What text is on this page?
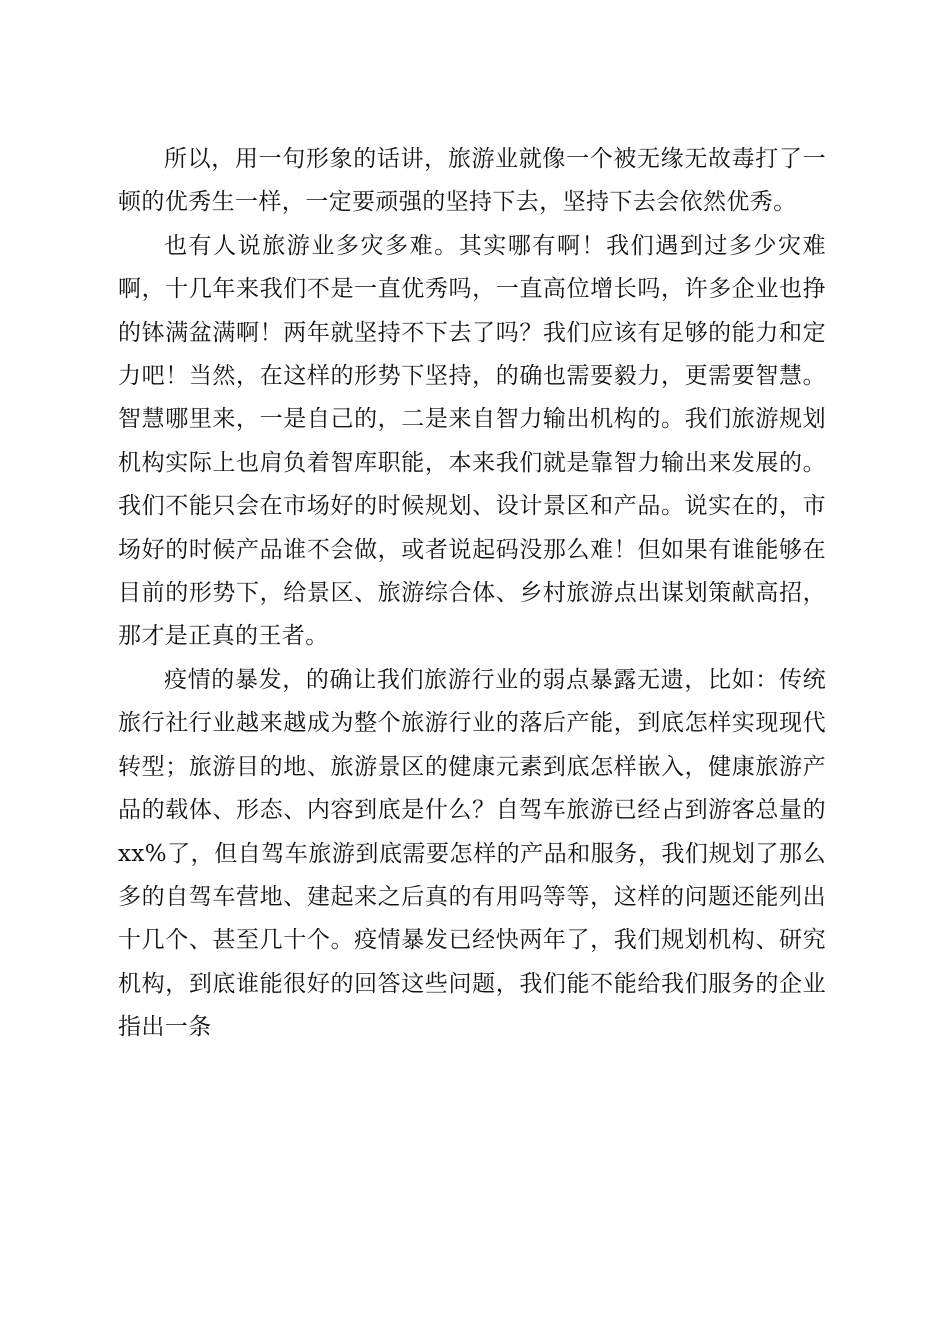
所以，用一句形象的话讲，旅游业就像一个被无缘无故毒打了一顿的优秀生一样，一定要顽强的坚持下去，坚持下去会依然优秀。

也有人说旅游业多灾多难。其实哪有啊！我们遇到过多少灾难啊，十几年来我们不是一直优秀吗，一直高位增长吗，许多企业也挣的钵满盆满啊！两年就坚持不下去了吗？我们应该有足够的能力和定力吧！当然，在这样的形势下坚持，的确也需要毅力，更需要智慧。智慧哪里来，一是自己的，二是来自智力输出机构的。我们旅游规划机构实际上也肩负着智库职能，本来我们就是靠智力输出来发展的。我们不能只会在市场好的时候规划、设计景区和产品。说实在的，市场好的时候产品谁不会做，或者说起码没那么难！但如果有谁能够在目前的形势下，给景区、旅游综合体、乡村旅游点出谋划策献高招，那才是正真的王者。

疫情的暴发，的确让我们旅游行业的弱点暴露无遗，比如：传统旅行社行业越来越成为整个旅游行业的落后产能，到底怎样实现现代转型；旅游目的地、旅游景区的健康元素到底怎样嵌入，健康旅游产品的载体、形态、内容到底是什么？自驾车旅游已经占到游客总量的xx%了，但自驾车旅游到底需要怎样的产品和服务，我们规划了那么多的自驾车营地、建起来之后真的有用吗等等，这样的问题还能列出十几个、甚至几十个。疫情暴发已经快两年了，我们规划机构、研究机构，到底谁能很好的回答这些问题，我们能不能给我们服务的企业指出一条
